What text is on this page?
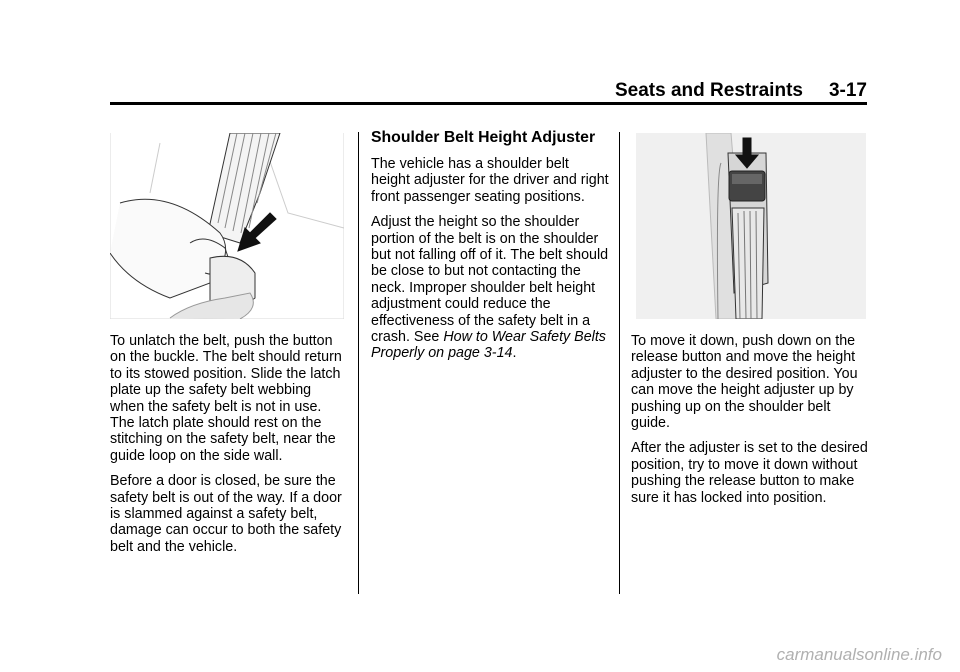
Seats and Restraints 3-17

To unlatch the belt, push the button on the buckle. The belt should return to its stowed position. Slide the latch plate up the safety belt webbing when the safety belt is not in use. The latch plate should rest on the stitching on the safety belt, near the guide loop on the side wall.

Before a door is closed, be sure the safety belt is out of the way. If a door is slammed against a safety belt, damage can occur to both the safety belt and the vehicle.

Shoulder Belt Height Adjuster

The vehicle has a shoulder belt height adjuster for the driver and right front passenger seating positions.

Adjust the height so the shoulder portion of the belt is on the shoulder but not falling off of it. The belt should be close to but not contacting the neck. Improper shoulder belt height adjustment could reduce the effectiveness of the safety belt in a crash. See How to Wear Safety Belts Properly on page 3-14.

To move it down, push down on the release button and move the height adjuster to the desired position. You can move the height adjuster up by pushing up on the shoulder belt guide.

After the adjuster is set to the desired position, try to move it down without pushing the release button to make sure it has locked into position.

carmanualsonline.info
